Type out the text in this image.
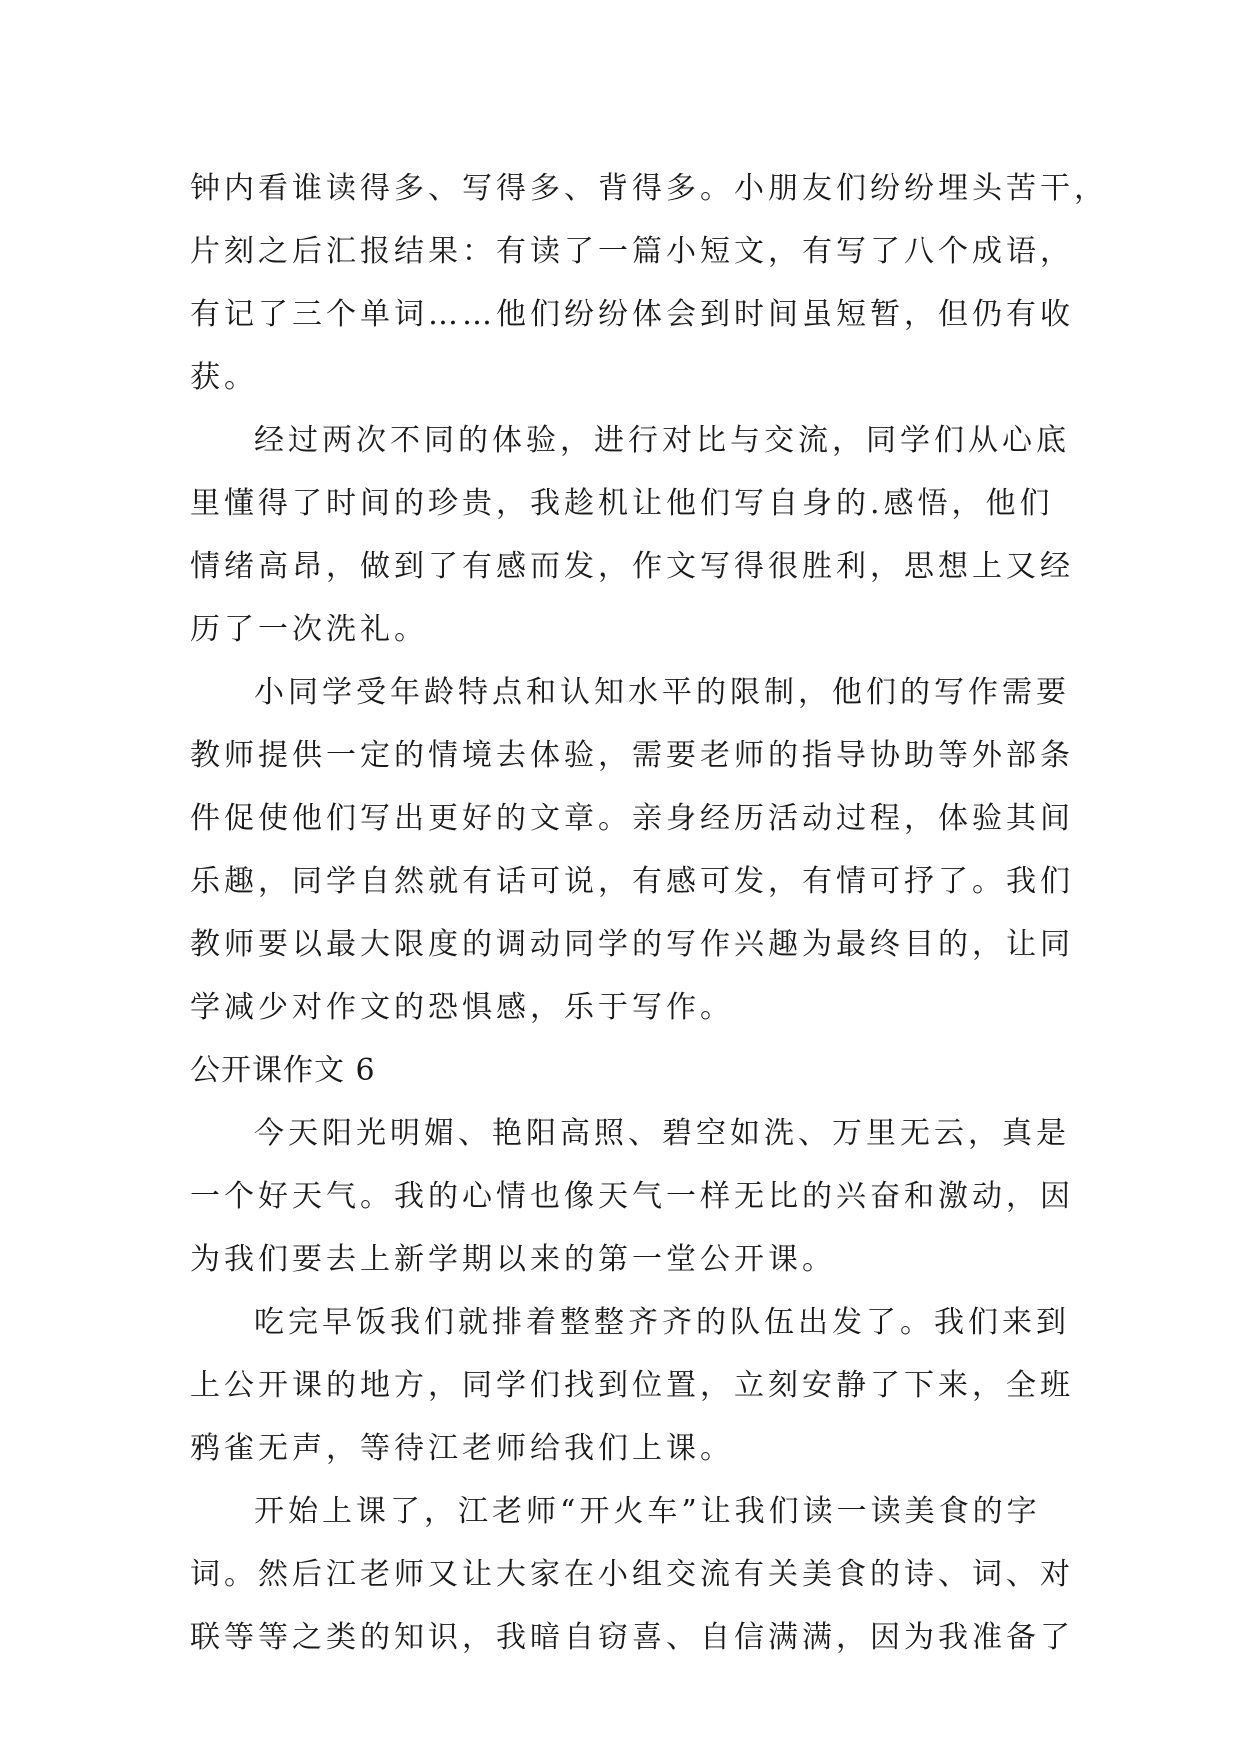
钟内看谁读得多、写得多、背得多。小朋友们纷纷埋头苦干，
片刻之后汇报结果：有读了一篇小短文，有写了八个成语，
有记了三个单词……他们纷纷体会到时间虽短暂，但仍有收
获。
经过两次不同的体验，进行对比与交流，同学们从心底
里懂得了时间的珍贵，我趁机让他们写自身的.感悟，他们
情绪高昂，做到了有感而发，作文写得很胜利，思想上又经
历了一次洗礼。
小同学受年龄特点和认知水平的限制，他们的写作需要
教师提供一定的情境去体验，需要老师的指导协助等外部条
件促使他们写出更好的文章。亲身经历活动过程，体验其间
乐趣，同学自然就有话可说，有感可发，有情可抒了。我们
教师要以最大限度的调动同学的写作兴趣为最终目的，让同
学减少对作文的恐惧感，乐于写作。
公开课作文 6
今天阳光明媚、艳阳高照、碧空如洗、万里无云，真是
一个好天气。我的心情也像天气一样无比的兴奋和激动，因
为我们要去上新学期以来的第一堂公开课。
吃完早饭我们就排着整整齐齐的队伍出发了。我们来到
上公开课的地方，同学们找到位置，立刻安静了下来，全班
鸦雀无声，等待江老师给我们上课。
开始上课了，江老师“开火车”让我们读一读美食的字
词。然后江老师又让大家在小组交流有关美食的诗、词、对
联等等之类的知识，我暗自窃喜、自信满满，因为我准备了
